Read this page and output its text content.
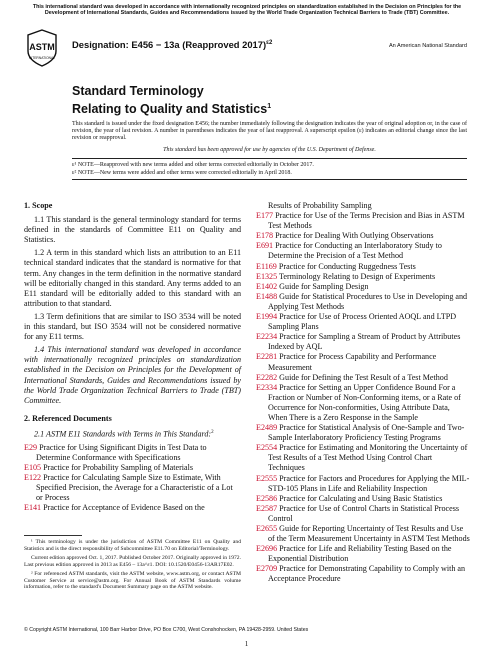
This international standard was developed in accordance with internationally recognized principles on standardization established in the Decision on Principles for the Development of International Standards, Guides and Recommendations issued by the World Trade Organization Technical Barriers to Trade (TBT) Committee.
ASTM
INTERNATIONAL
Designation: E456 − 13a (Reapproved 2017)$^{\varepsilon 2}$
An American National Standard
Standard Terminology
Relating to Quality and Statistics$^1$
This standard is issued under the fixed designation E456; the number immediately following the designation indicates the year of original adoption or, in the case of revision, the year of last revision. A number in parentheses indicates the year of last reapproval. A superscript epsilon (ε) indicates an editorial change since the last revision or reapproval.
This standard has been approved for use by agencies of the U.S. Department of Defense.
ε¹ NOTE—Reapproved with new terms added and other terms corrected editorially in October 2017.
ε² NOTE—New terms were added and other terms were corrected editorially in April 2018.
1. Scope
1.1 This standard is the general terminology standard for terms defined in the standards of Committee E11 on Quality and Statistics.
1.2 A term in this standard which lists an attribution to an E11 technical standard indicates that the standard is normative for that term. Any changes in the term definition in the normative standard will be editorially changed in this standard. Any terms added to an E11 standard will be editorially added to this standard with an attribution to that standard.
1.3 Term definitions that are similar to ISO 3534 will be noted in this standard, but ISO 3534 will not be considered normative for any E11 terms.
1.4 This international standard was developed in accordance with internationally recognized principles on standardization established in the Decision on Principles for the Development of International Standards, Guides and Recommendations issued by the World Trade Organization Technical Barriers to Trade (TBT) Committee.
2. Referenced Documents
2.1 ASTM E11 Standards with Terms in This Standard:$^2$
E29 Practice for Using Significant Digits in Test Data to Determine Conformance with Specifications
E105 Practice for Probability Sampling of Materials
E122 Practice for Calculating Sample Size to Estimate, With Specified Precision, the Average for a Characteristic of a Lot or Process
E141 Practice for Acceptance of Evidence Based on the
Results of Probability Sampling
E177 Practice for Use of the Terms Precision and Bias in ASTM Test Methods
E178 Practice for Dealing With Outlying Observations
E691 Practice for Conducting an Interlaboratory Study to Determine the Precision of a Test Method
E1169 Practice for Conducting Ruggedness Tests
E1325 Terminology Relating to Design of Experiments
E1402 Guide for Sampling Design
E1488 Guide for Statistical Procedures to Use in Developing and Applying Test Methods
E1994 Practice for Use of Process Oriented AOQL and LTPD Sampling Plans
E2234 Practice for Sampling a Stream of Product by Attributes Indexed by AQL
E2281 Practice for Process Capability and Performance Measurement
E2282 Guide for Defining the Test Result of a Test Method
E2334 Practice for Setting an Upper Confidence Bound For a Fraction or Number of Non-Conforming items, or a Rate of Occurrence for Non-conformities, Using Attribute Data, When There is a Zero Response in the Sample
E2489 Practice for Statistical Analysis of One-Sample and Two-Sample Interlaboratory Proficiency Testing Programs
E2554 Practice for Estimating and Monitoring the Uncertainty of Test Results of a Test Method Using Control Chart Techniques
E2555 Practice for Factors and Procedures for Applying the MIL-STD-105 Plans in Life and Reliability Inspection
E2586 Practice for Calculating and Using Basic Statistics
E2587 Practice for Use of Control Charts in Statistical Process Control
E2655 Guide for Reporting Uncertainty of Test Results and Use of the Term Measurement Uncertainty in ASTM Test Methods
E2696 Practice for Life and Reliability Testing Based on the Exponential Distribution
E2709 Practice for Demonstrating Capability to Comply with an Acceptance Procedure

¹ This terminology is under the jurisdiction of ASTM Committee E11 on Quality and Statistics and is the direct responsibility of Subcommittee E11.70 on Editorial/Terminology.

Current edition approved Oct. 1, 2017. Published October 2017. Originally approved in 1972. Last previous edition approved in 2013 as E456 – 13a^ε1. DOI: 10.1520/E0456-13AR17E02.

² For referenced ASTM standards, visit the ASTM website, www.astm.org, or contact ASTM Customer Service at service@astm.org. For Annual Book of ASTM Standards volume information, refer to the standard's Document Summary page on the ASTM website.

© Copyright ASTM International, 100 Barr Harbor Drive, PO Box C700, West Conshohocken, PA 19428-2959. United States
1
